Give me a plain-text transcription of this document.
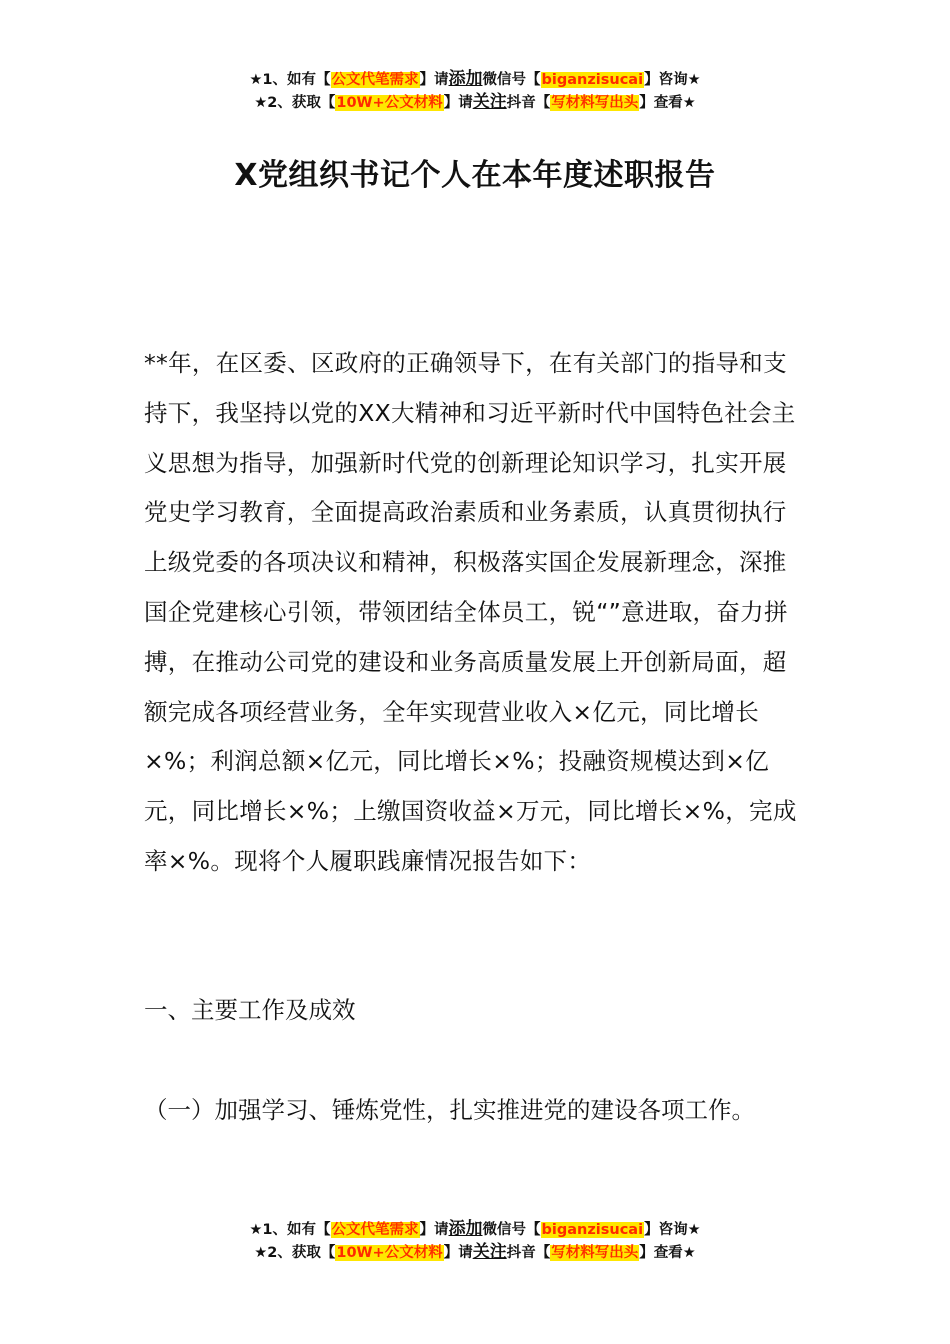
★1、如有【公文代笔需求】请添加微信号【biganzisucai】咨询★
★2、获取【10W+公文材料】请关注抖音【写材料写出头】查看★
X党组织书记个人在本年度述职报告
**年，在区委、区政府的正确领导下，在有关部门的指导和支持下，我坚持以党的XX大精神和习近平新时代中国特色社会主义思想为指导，加强新时代党的创新理论知识学习，扎实开展党史学习教育，全面提高政治素质和业务素质，认真贯彻执行上级党委的各项决议和精神，积极落实国企发展新理念，深推国企党建核心引领，带领团结全体员工，锐“”意进取，奋力拼搏，在推动公司党的建设和业务高质量发展上开创新局面，超额完成各项经营业务，全年实现营业收入×亿元，同比增长×%；利润总额×亿元，同比增长×%；投融资规模达到×亿元，同比增长×%；上缴国资收益×万元，同比增长×%，完成率×%。现将个人履职践廉情况报告如下：
一、主要工作及成效
（一）加强学习、锤炼党性，扎实推进党的建设各项工作。
★1、如有【公文代笔需求】请添加微信号【biganzisucai】咨询★
★2、获取【10W+公文材料】请关注抖音【写材料写出头】查看★
